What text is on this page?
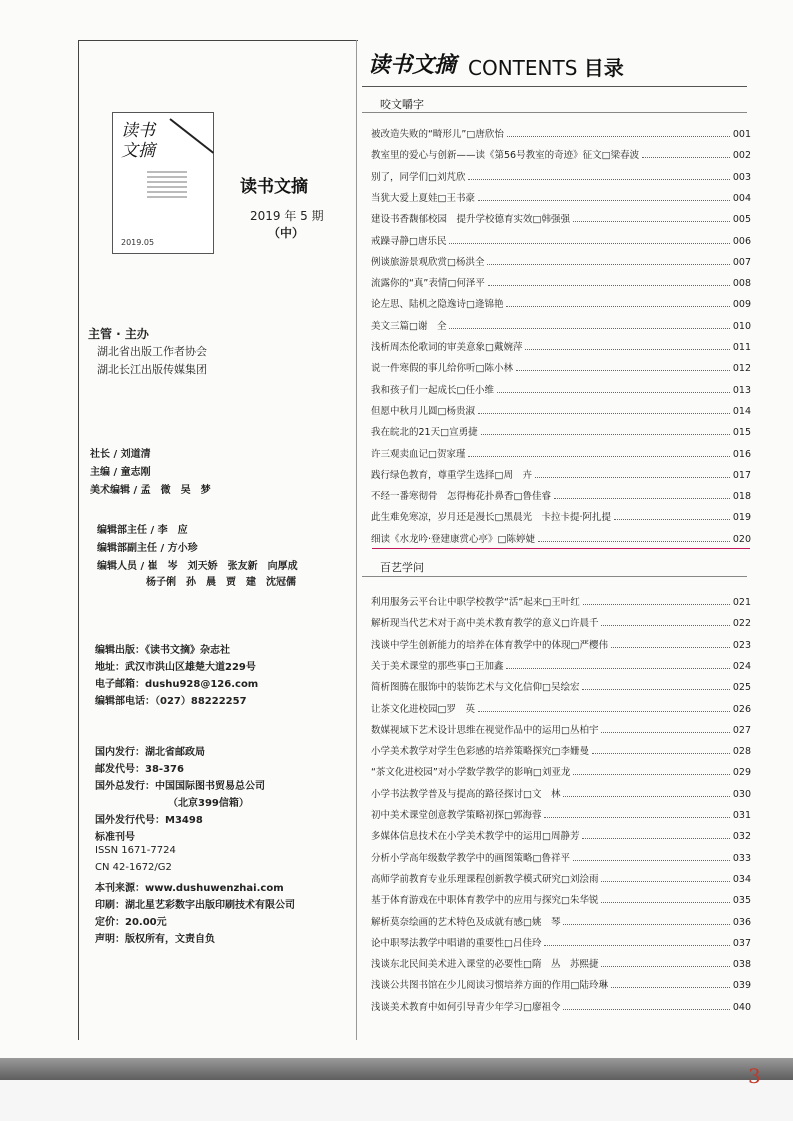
读书
文摘
2019.05
读书文摘
2019 年 5 期
（中）
主管 · 主办
湖北省出版工作者协会
湖北长江出版传媒集团
社长 / 刘道清
主编 / 童志刚
美术编辑 / 孟　微　吴　梦
编辑部主任 / 李　应
编辑部副主任 / 方小珍
编辑人员 / 崔　岑　刘天娇　张友新　向厚成
杨子俐　孙　晨　贾　建　沈冠儒
编辑出版：《读书文摘》杂志社
地址：武汉市洪山区雄楚大道229号
电子邮箱：dushu928@126.com
编辑部电话：（027）88222257
国内发行：湖北省邮政局
邮发代号：38-376
国外总发行：中国国际图书贸易总公司
（北京399信箱）
国外发行代号：M3498
标准刊号
ISSN 1671-7724
CN 42-1672/G2
本刊来源：www.dushuwenzhai.com
印刷：湖北星艺彩数字出版印刷技术有限公司
定价：20.00元
声明：版权所有，文责自负
读书文摘 CONTENTS 目录
咬文嚼字
被改造失败的“畸形儿”□唐欣怡	001
教室里的爱心与创新——读《第56号教室的奇迹》征文□梁春波	002
别了，同学们□刘芃欣	003
当犹大爱上夏娃□王书豪	004
建设书香馥郁校园　提升学校德育实效□韩强强	005
戒躁寻静□唐乐民	006
例谈旅游景观欣赏□杨洪全	007
流露你的“真”表情□何泽平	008
论左思、陆机之隐逸诗□逄锦艳	009
美文三篇□谢　全	010
浅析周杰伦歌词的审美意象□戴婉萍	011
说一件寒假的事儿给你听□陈小林	012
我和孩子们一起成长□任小维	013
但愿中秋月儿圆□杨贵淑	014
我在皖北的21天□宣勇捷	015
许三观卖血记□贺家瑾	016
践行绿色教育，尊重学生选择□周　卉	017
不经一番寒彻骨　怎得梅花扑鼻香□鲁佳睿	018
此生难免寒凉，岁月还是漫长□黑晨光　卡拉卡提·阿扎提	019
细读《水龙吟·登建康赏心亭》□陈婷婕	020
百艺学问
利用服务云平台让中职学校教学“活”起来□王叶红	021
解析现当代艺术对于高中美术教育教学的意义□许晨千	022
浅谈中学生创新能力的培养在体育教学中的体现□严樱伟	023
关于美术课堂的那些事□王加鑫	024
简析图腾在服饰中的装饰艺术与文化信仰□吴绘宏	025
让茶文化进校园□罗　英	026
数媒视域下艺术设计思维在视觉作品中的运用□丛柏宇	027
小学美术教学对学生色彩感的培养策略探究□李姗曼	028
“茶文化进校园”对小学数学教学的影响□刘亚龙	029
小学书法教学普及与提高的路径探讨□文　林	030
初中美术课堂创意教学策略初探□郭海蓉	031
多媒体信息技术在小学美术教学中的运用□周静芳	032
分析小学高年级数学教学中的画图策略□鲁祥平	033
高师学前教育专业乐理课程创新教学模式研究□刘浍雨	034
基于体育游戏在中职体育教学中的应用与探究□朱华锐	035
解析莫奈绘画的艺术特色及成就有感□姚　琴	036
论中职琴法教学中唱谱的重要性□吕佳玲	037
浅谈东北民间美术进入课堂的必要性□隋　丛　苏熙捷	038
浅谈公共图书馆在少儿阅读习惯培养方面的作用□陆玲琳	039
浅谈美术教育中如何引导青少年学习□廖祖令	040
3
